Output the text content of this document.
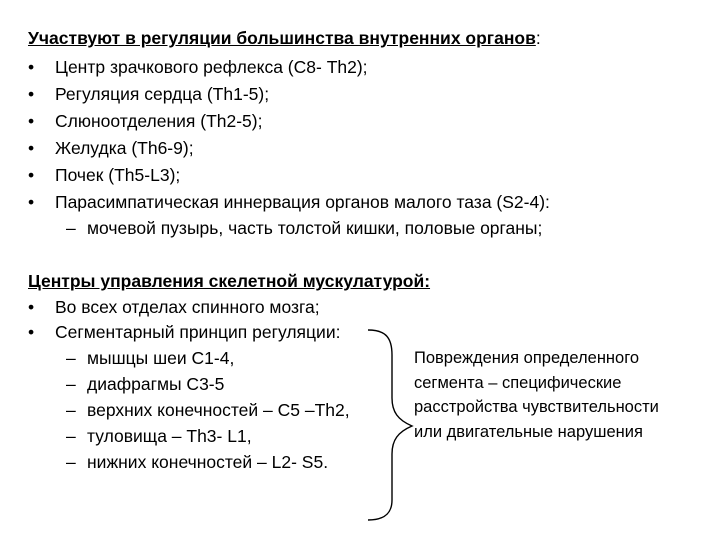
Участвуют в регуляции большинства внутренних органов:
• Центр зрачкового рефлекса (С8- Th2);
• Регуляция сердца (Th1-5);
• Слюноотделения (Th2-5);
• Желудка (Th6-9);
• Почек (Th5-L3);
• Парасимпатическая иннервация органов малого таза (S2-4):
– мочевой пузырь, часть толстой кишки, половые органы;
Центры управления скелетной мускулатурой:
• Во всех отделах спинного мозга;
• Сегментарный принцип регуляции:
– мышцы шеи С1-4,
– диафрагмы С3-5
– верхних конечностей – С5 –Th2,
– туловища – Th3- L1,
– нижних конечностей – L2- S5.
Повреждения определенного
сегмента – специфические
расстройства чувствительности
или двигательные нарушения
